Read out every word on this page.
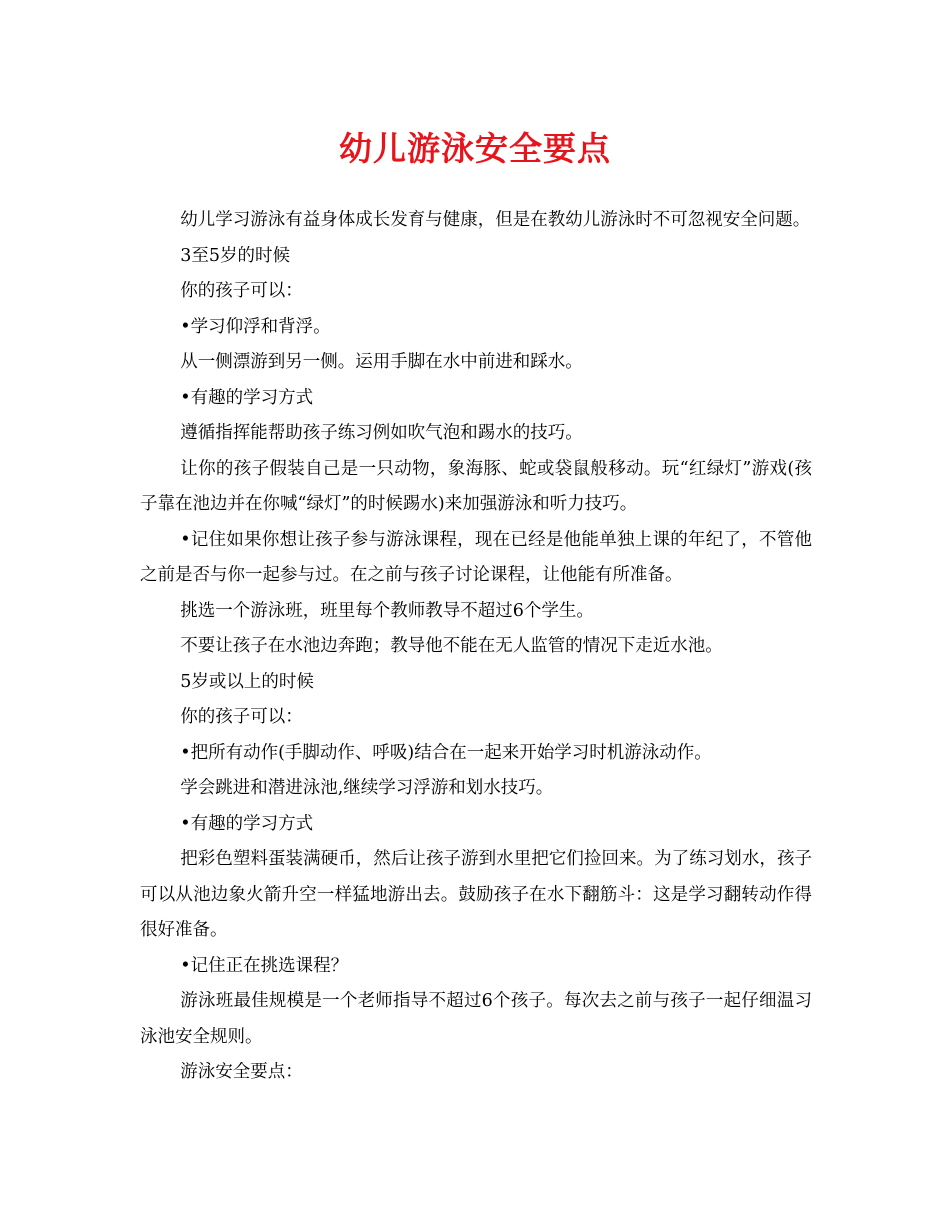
幼儿游泳安全要点

幼儿学习游泳有益身体成长发育与健康，但是在教幼儿游泳时不可忽视安全问题。

3至5岁的时候

你的孩子可以：

•学习仰浮和背浮。

从一侧漂游到另一侧。运用手脚在水中前进和踩水。

•有趣的学习方式

遵循指挥能帮助孩子练习例如吹气泡和踢水的技巧。

让你的孩子假装自己是一只动物，象海豚、蛇或袋鼠般移动。玩“红绿灯”游戏(孩子靠在池边并在你喊“绿灯”的时候踢水)来加强游泳和听力技巧。

•记住如果你想让孩子参与游泳课程，现在已经是他能单独上课的年纪了，不管他之前是否与你一起参与过。在之前与孩子讨论课程，让他能有所准备。

挑选一个游泳班，班里每个教师教导不超过6个学生。

不要让孩子在水池边奔跑；教导他不能在无人监管的情况下走近水池。

5岁或以上的时候

你的孩子可以：

•把所有动作(手脚动作、呼吸)结合在一起来开始学习时机游泳动作。

学会跳进和潜进泳池,继续学习浮游和划水技巧。

•有趣的学习方式

把彩色塑料蛋装满硬币，然后让孩子游到水里把它们捡回来。为了练习划水，孩子可以从池边象火箭升空一样猛地游出去。鼓励孩子在水下翻筋斗：这是学习翻转动作得很好准备。

•记住正在挑选课程？

游泳班最佳规模是一个老师指导不超过6个孩子。每次去之前与孩子一起仔细温习泳池安全规则。

游泳安全要点：
